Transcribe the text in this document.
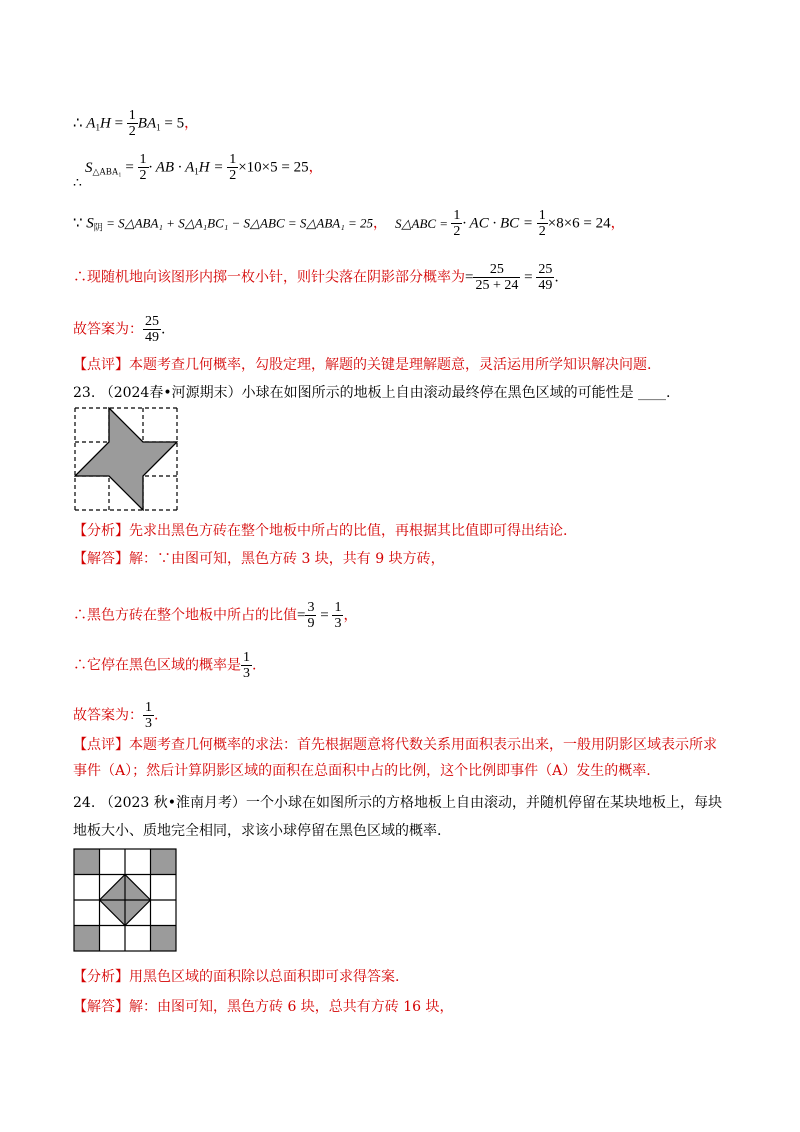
∴ $A_1H = \frac{1}{2} BA_1 = 5$，
$S_{\triangle ABA_1} = \frac{1}{2}$ · AB · $A_1H = \frac{1}{2} \times 10\times 5 = 25$，
∴
∵ $S_阴$ = S△ABA₁ + S△A₁BC₁ − S△ABC = S△ABA₁ = 25， S△ABC = $\frac{1}{2}$ · AC · BC = $\frac{1}{2} \times 8\times 6 = 24$，
∴现随机地向该图形内掷一枚小针，则针尖落在阴影部分概率为= $\frac{25}{25 + 24} = \frac{25}{49}$ .
故答案为： $\frac{25}{49}$ .
【点评】本题考查几何概率，勾股定理，解题的关键是理解题意，灵活运用所学知识解决问题.
23. （2024春•河源期末）小球在如图所示的地板上自由滚动最终停在黑色区域的可能性是 ____.
【分析】先求出黑色方砖在整个地板中所占的比值，再根据其比值即可得出结论.
【解答】解：∵由图可知，黑色方砖 3 块，共有 9 块方砖，
∴黑色方砖在整个地板中所占的比值= $\frac{3}{9} = \frac{1}{3}$ ，
∴它停在黑色区域的概率是 $\frac{1}{3}$ .
故答案为： $\frac{1}{3}$ .
【点评】本题考查几何概率的求法：首先根据题意将代数关系用面积表示出来，一般用阴影区域表示所求
事件（A）；然后计算阴影区域的面积在总面积中占的比例，这个比例即事件（A）发生的概率.
24. （2023 秋•淮南月考）一个小球在如图所示的方格地板上自由滚动，并随机停留在某块地板上，每块
地板大小、质地完全相同，求该小球停留在黑色区域的概率.
【分析】用黑色区域的面积除以总面积即可求得答案.
【解答】解：由图可知，黑色方砖 6 块，总共有方砖 16 块，
